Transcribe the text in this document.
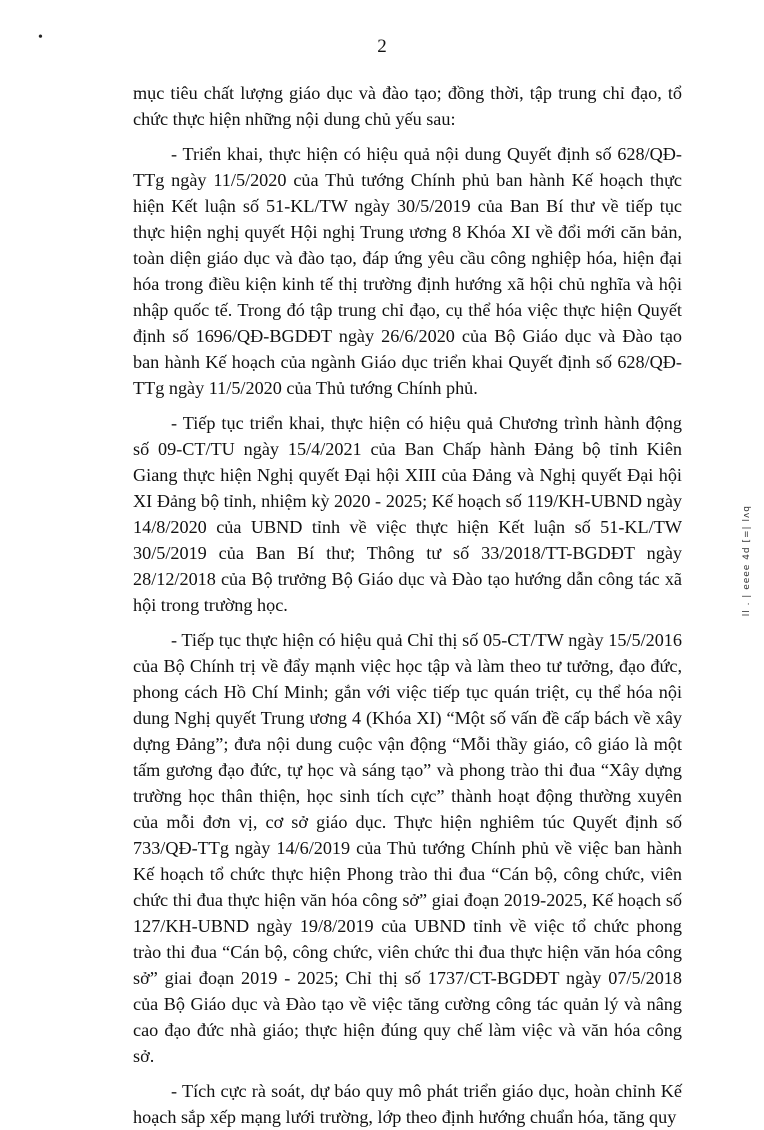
•	2

mục tiêu chất lượng giáo dục và đào tạo; đồng thời, tập trung chỉ đạo, tổ chức thực hiện những nội dung chủ yếu sau:

- Triển khai, thực hiện có hiệu quả nội dung Quyết định số 628/QĐ-TTg ngày 11/5/2020 của Thủ tướng Chính phủ ban hành Kế hoạch thực hiện Kết luận số 51-KL/TW ngày 30/5/2019 của Ban Bí thư về tiếp tục thực hiện nghị quyết Hội nghị Trung ương 8 Khóa XI về đổi mới căn bản, toàn diện giáo dục và đào tạo, đáp ứng yêu cầu công nghiệp hóa, hiện đại hóa trong điều kiện kinh tế thị trường định hướng xã hội chủ nghĩa và hội nhập quốc tế. Trong đó tập trung chỉ đạo, cụ thể hóa việc thực hiện Quyết định số 1696/QĐ-BGDĐT ngày 26/6/2020 của Bộ Giáo dục và Đào tạo ban hành Kế hoạch của ngành Giáo dục triển khai Quyết định số 628/QĐ-TTg ngày 11/5/2020 của Thủ tướng Chính phủ.

- Tiếp tục triển khai, thực hiện có hiệu quả Chương trình hành động số 09-CT/TU ngày 15/4/2021 của Ban Chấp hành Đảng bộ tỉnh Kiên Giang thực hiện Nghị quyết Đại hội XIII của Đảng và Nghị quyết Đại hội XI Đảng bộ tỉnh, nhiệm kỳ 2020 - 2025; Kế hoạch số 119/KH-UBND ngày 14/8/2020 của UBND tỉnh về việc thực hiện Kết luận số 51-KL/TW 30/5/2019 của Ban Bí thư; Thông tư số 33/2018/TT-BGDĐT ngày 28/12/2018 của Bộ trưởng Bộ Giáo dục và Đào tạo hướng dẫn công tác xã hội trong trường học.

- Tiếp tục thực hiện có hiệu quả Chỉ thị số 05-CT/TW ngày 15/5/2016 của Bộ Chính trị về đẩy mạnh việc học tập và làm theo tư tưởng, đạo đức, phong cách Hồ Chí Minh; gắn với việc tiếp tục quán triệt, cụ thể hóa nội dung Nghị quyết Trung ương 4 (Khóa XI) “Một số vấn đề cấp bách về xây dựng Đảng”; đưa nội dung cuộc vận động “Mỗi thầy giáo, cô giáo là một tấm gương đạo đức, tự học và sáng tạo” và phong trào thi đua “Xây dựng trường học thân thiện, học sinh tích cực” thành hoạt động thường xuyên của mỗi đơn vị, cơ sở giáo dục. Thực hiện nghiêm túc Quyết định số 733/QĐ-TTg ngày 14/6/2019 của Thủ tướng Chính phủ về việc ban hành Kế hoạch tổ chức thực hiện Phong trào thi đua “Cán bộ, công chức, viên chức thi đua thực hiện văn hóa công sở” giai đoạn 2019-2025, Kế hoạch số 127/KH-UBND ngày 19/8/2019 của UBND tỉnh về việc tổ chức phong trào thi đua “Cán bộ, công chức, viên chức thi đua thực hiện văn hóa công sở” giai đoạn 2019 - 2025; Chỉ thị số 1737/CT-BGDĐT ngày 07/5/2018 của Bộ Giáo dục và Đào tạo về việc tăng cường công tác quản lý và nâng cao đạo đức nhà giáo; thực hiện đúng quy chế làm việc và văn hóa công sở.

- Tích cực rà soát, dự báo quy mô phát triển giáo dục, hoàn chỉnh Kế hoạch sắp xếp mạng lưới trường, lớp theo định hướng chuẩn hóa, tăng quy

ll . | eeee 4d [=| lʌq
